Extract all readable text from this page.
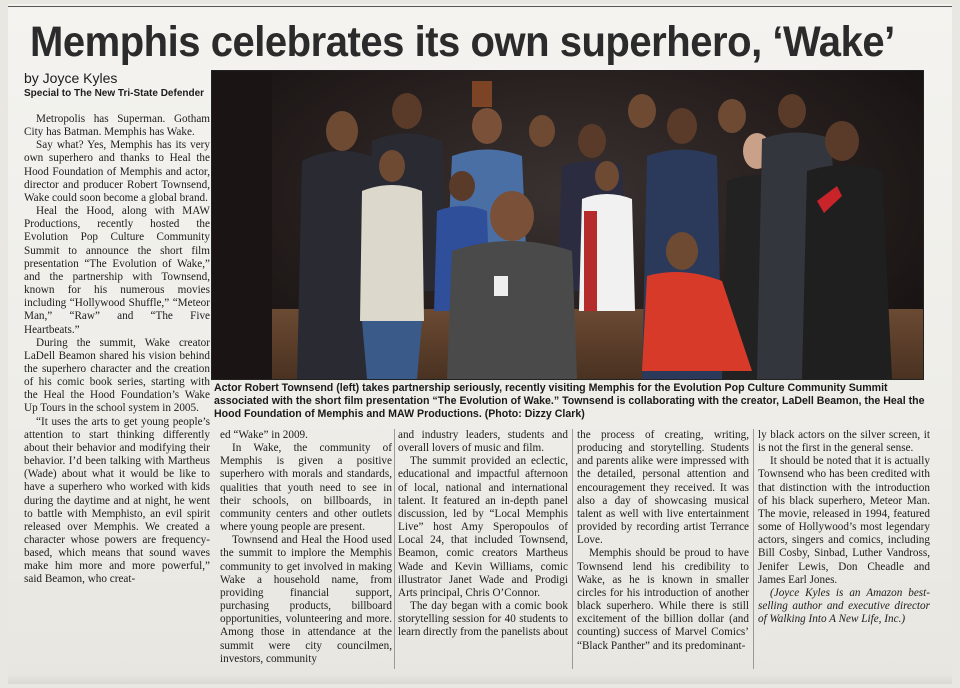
Memphis celebrates its own superhero, ‘Wake’
by Joyce Kyles
Special to The New Tri-State Defender

Metropolis has Superman. Gotham City has Batman. Memphis has Wake.

Say what? Yes, Memphis has its very own superhero and thanks to Heal the Hood Foundation of Memphis and actor, director and producer Robert Townsend, Wake could soon become a global brand.

Heal the Hood, along with MAW Productions, recently hosted the Evolution Pop Culture Community Summit to announce the short film presentation “The Evolution of Wake,” and the partnership with Townsend, known for his numerous movies including “Hollywood Shuffle,” “Meteor Man,” “Raw” and “The Five Heartbeats.”

During the summit, Wake creator LaDell Beamon shared his vision behind the superhero character and the creation of his comic book series, starting with the Heal the Hood Foundation’s Wake Up Tours in the school system in 2005.

“It uses the arts to get young people’s attention to start thinking differently about their behavior and modifying their behavior. I’d been talking with Martheus (Wade) about what it would be like to have a superhero who worked with kids during the daytime and at night, he went to battle with Memphisto, an evil spirit released over Memphis. We created a character whose powers are frequency-based, which means that sound waves make him more and more powerful,” said Beamon, who creat-

Actor Robert Townsend (left) takes partnership seriously, recently visiting Memphis for the Evolution Pop Culture Community Summit associated with the short film presentation “The Evolution of Wake.” Townsend is collaborating with the creator, LaDell Beamon, the Heal the Hood Foundation of Memphis and MAW Productions. (Photo: Dizzy Clark)

ed “Wake” in 2009.

In Wake, the community of Memphis is given a positive superhero with morals and standards, qualities that youth need to see in their schools, on billboards, in community centers and other outlets where young people are present.

Townsend and Heal the Hood used the summit to implore the Memphis community to get involved in making Wake a household name, from providing financial support, purchasing products, billboard opportunities, volunteering and more. Among those in attendance at the summit were city councilmen, investors, community

and industry leaders, students and overall lovers of music and film.

The summit provided an eclectic, educational and impactful afternoon of local, national and international talent. It featured an in-depth panel discussion, led by “Local Memphis Live” host Amy Speropoulos of Local 24, that included Townsend, Beamon, comic creators Martheus Wade and Kevin Williams, comic illustrator Janet Wade and Prodigi Arts principal, Chris O’Connor.

The day began with a comic book storytelling session for 40 students to learn directly from the panelists about

the process of creating, writing, producing and storytelling. Students and parents alike were impressed with the detailed, personal attention and encouragement they received. It was also a day of showcasing musical talent as well with live entertainment provided by recording artist Terrance Love.

Memphis should be proud to have Townsend lend his credibility to Wake, as he is known in smaller circles for his introduction of another black superhero. While there is still excitement of the billion dollar (and counting) success of Marvel Comics’ “Black Panther” and its predominant-

ly black actors on the silver screen, it is not the first in the general sense.

It should be noted that it is actually Townsend who has been credited with that distinction with the introduction of his black superhero, Meteor Man. The movie, released in 1994, featured some of Hollywood’s most legendary actors, singers and comics, including Bill Cosby, Sinbad, Luther Vandross, Jenifer Lewis, Don Cheadle and James Earl Jones.

(Joyce Kyles is an Amazon best-selling author and executive director of Walking Into A New Life, Inc.)
